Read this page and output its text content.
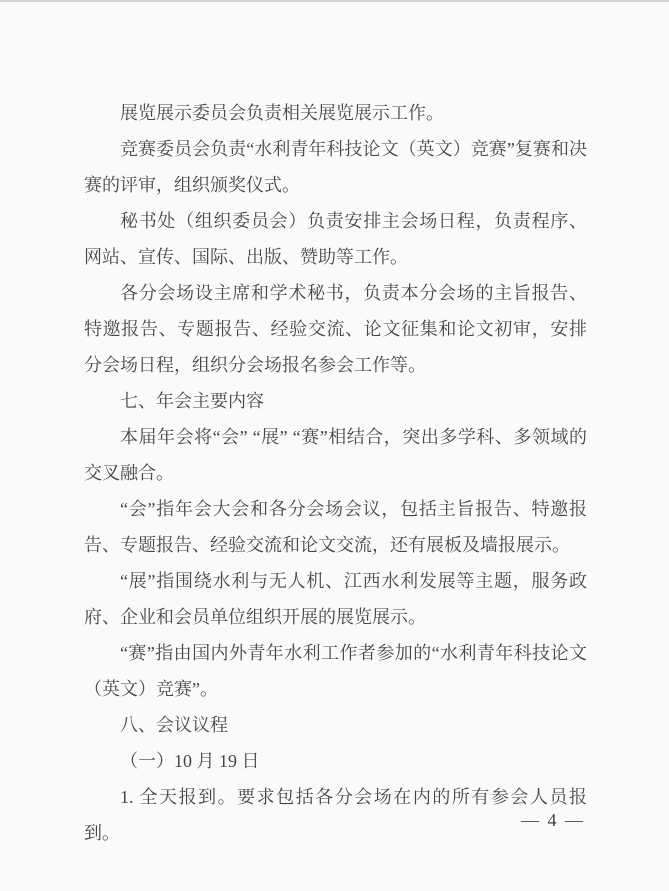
展览展示委员会负责相关展览展示工作。

竞赛委员会负责“水利青年科技论文（英文）竞赛”复赛和决赛的评审，组织颁奖仪式。

秘书处（组织委员会）负责安排主会场日程，负责程序、网站、宣传、国际、出版、赞助等工作。

各分会场设主席和学术秘书，负责本分会场的主旨报告、特邀报告、专题报告、经验交流、论文征集和论文初审，安排分会场日程，组织分会场报名参会工作等。

七、年会主要内容

本届年会将“会” “展” “赛”相结合，突出多学科、多领域的交叉融合。

“会”指年会大会和各分会场会议，包括主旨报告、特邀报告、专题报告、经验交流和论文交流，还有展板及墙报展示。

“展”指围绕水利与无人机、江西水利发展等主题，服务政府、企业和会员单位组织开展的展览展示。

“赛”指由国内外青年水利工作者参加的“水利青年科技论文（英文）竞赛”。

八、会议议程

（一）10 月 19 日

1. 全天报到。要求包括各分会场在内的所有参会人员报到。

— 4 —
